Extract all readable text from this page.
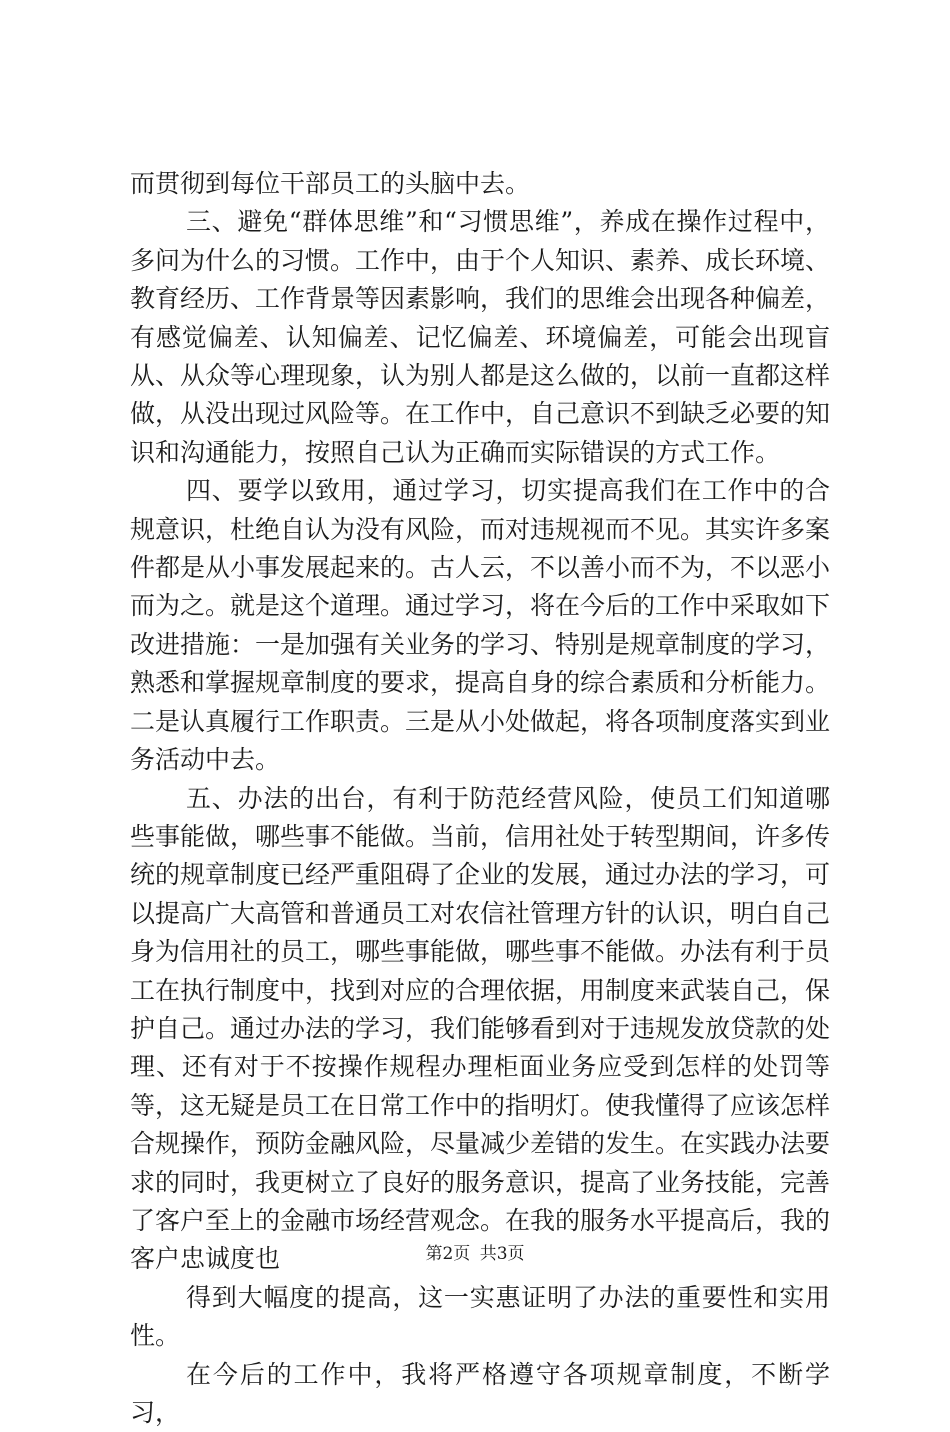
而贯彻到每位干部员工的头脑中去。

三、避免“群体思维”和“习惯思维”，养成在操作过程中，多问为什么的习惯。工作中，由于个人知识、素养、成长环境、教育经历、工作背景等因素影响，我们的思维会出现各种偏差，有感觉偏差、认知偏差、记忆偏差、环境偏差，可能会出现盲从、从众等心理现象，认为别人都是这么做的，以前一直都这样做，从没出现过风险等。在工作中，自己意识不到缺乏必要的知识和沟通能力，按照自己认为正确而实际错误的方式工作。

四、要学以致用，通过学习，切实提高我们在工作中的合规意识，杜绝自认为没有风险，而对违规视而不见。其实许多案件都是从小事发展起来的。古人云，不以善小而不为，不以恶小而为之。就是这个道理。通过学习，将在今后的工作中采取如下改进措施：一是加强有关业务的学习、特别是规章制度的学习，熟悉和掌握规章制度的要求，提高自身的综合素质和分析能力。二是认真履行工作职责。三是从小处做起，将各项制度落实到业务活动中去。

五、办法的出台，有利于防范经营风险，使员工们知道哪些事能做，哪些事不能做。当前，信用社处于转型期间，许多传统的规章制度已经严重阻碍了企业的发展，通过办法的学习，可以提高广大高管和普通员工对农信社管理方针的认识，明白自己身为信用社的员工，哪些事能做，哪些事不能做。办法有利于员工在执行制度中，找到对应的合理依据，用制度来武装自己，保护自己。通过办法的学习，我们能够看到对于违规发放贷款的处理、还有对于不按操作规程办理柜面业务应受到怎样的处罚等等，这无疑是员工在日常工作中的指明灯。使我懂得了应该怎样合规操作，预防金融风险，尽量减少差错的发生。在实践办法要求的同时，我更树立了良好的服务意识，提高了业务技能，完善了客户至上的金融市场经营观念。在我的服务水平提高后，我的客户忠诚度也

得到大幅度的提高，这一实惠证明了办法的重要性和实用性。

在今后的工作中，我将严格遵守各项规章制度，不断学习，

第2页 共3页
